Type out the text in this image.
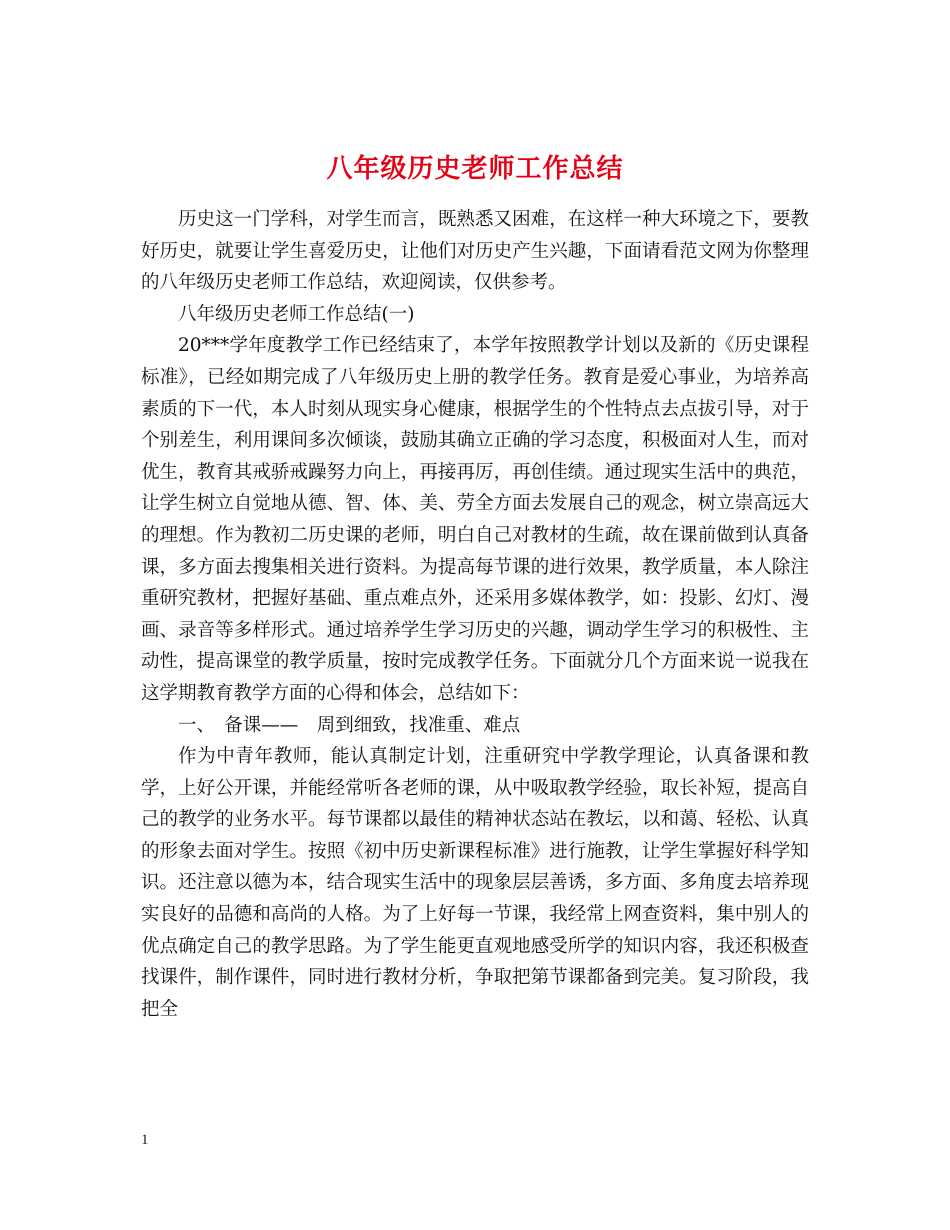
八年级历史老师工作总结

历史这一门学科，对学生而言，既熟悉又困难，在这样一种大环境之下，要教好历史，就要让学生喜爱历史，让他们对历史产生兴趣，下面请看范文网为你整理的八年级历史老师工作总结，欢迎阅读，仅供参考。

八年级历史老师工作总结(一)

20***学年度教学工作已经结束了，本学年按照教学计划以及新的《历史课程标准》，已经如期完成了八年级历史上册的教学任务。教育是爱心事业，为培养高素质的下一代，本人时刻从现实身心健康，根据学生的个性特点去点拔引导，对于个别差生，利用课间多次倾谈，鼓励其确立正确的学习态度，积极面对人生，而对优生，教育其戒骄戒躁努力向上，再接再厉，再创佳绩。通过现实生活中的典范，让学生树立自觉地从德、智、体、美、劳全方面去发展自己的观念，树立崇高远大的理想。作为教初二历史课的老师，明白自己对教材的生疏，故在课前做到认真备课，多方面去搜集相关进行资料。为提高每节课的进行效果，教学质量，本人除注重研究教材，把握好基础、重点难点外，还采用多媒体教学，如：投影、幻灯、漫画、录音等多样形式。通过培养学生学习历史的兴趣，调动学生学习的积极性、主动性，提高课堂的教学质量，按时完成教学任务。下面就分几个方面来说一说我在这学期教育教学方面的心得和体会，总结如下：

一、　备课——　周到细致，找准重、难点

作为中青年教师，能认真制定计划，注重研究中学教学理论，认真备课和教学，上好公开课，并能经常听各老师的课，从中吸取教学经验，取长补短，提高自己的教学的业务水平。每节课都以最佳的精神状态站在教坛，以和蔼、轻松、认真的形象去面对学生。按照《初中历史新课程标准》进行施教，让学生掌握好科学知识。还注意以德为本，结合现实生活中的现象层层善诱，多方面、多角度去培养现实良好的品德和高尚的人格。为了上好每一节课，我经常上网查资料，集中别人的优点确定自己的教学思路。为了学生能更直观地感受所学的知识内容，我还积极查找课件，制作课件，同时进行教材分析，争取把第节课都备到完美。复习阶段，我把全

1
